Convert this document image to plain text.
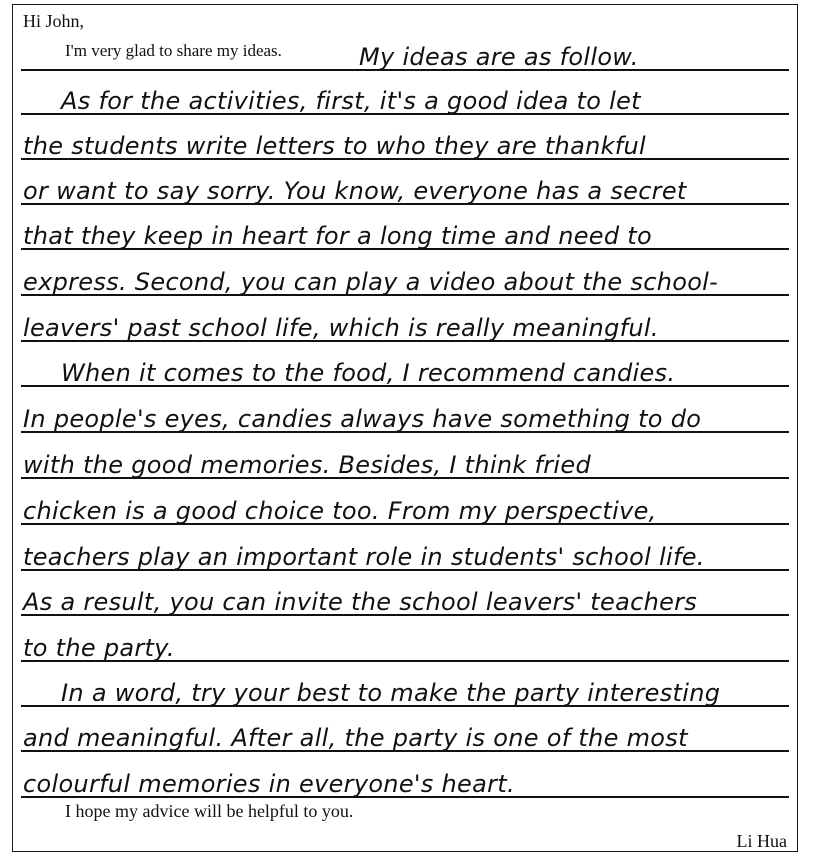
Hi John,
I'm very glad to share my ideas.	My ideas are as follow.
As for the activities, first, it's a good idea to let
the students write letters to who they are thankful
or want to say sorry. You know, everyone has a secret
that they keep in heart for a long time and need to
express. Second, you can play a video about the school-
leavers' past school life, which is really meaningful.
When it comes to the food, I recommend candies.
In people's eyes, candies always have something to do
with the good memories. Besides, I think fried
chicken is a good choice too. From my perspective,
teachers play an important role in students' school life.
As a result, you can invite the school leavers' teachers
to the party.
In a word, try your best to make the party interesting
and meaningful. After all, the party is one of the most
colourful memories in everyone's heart.
I hope my advice will be helpful to you.
Li Hua
